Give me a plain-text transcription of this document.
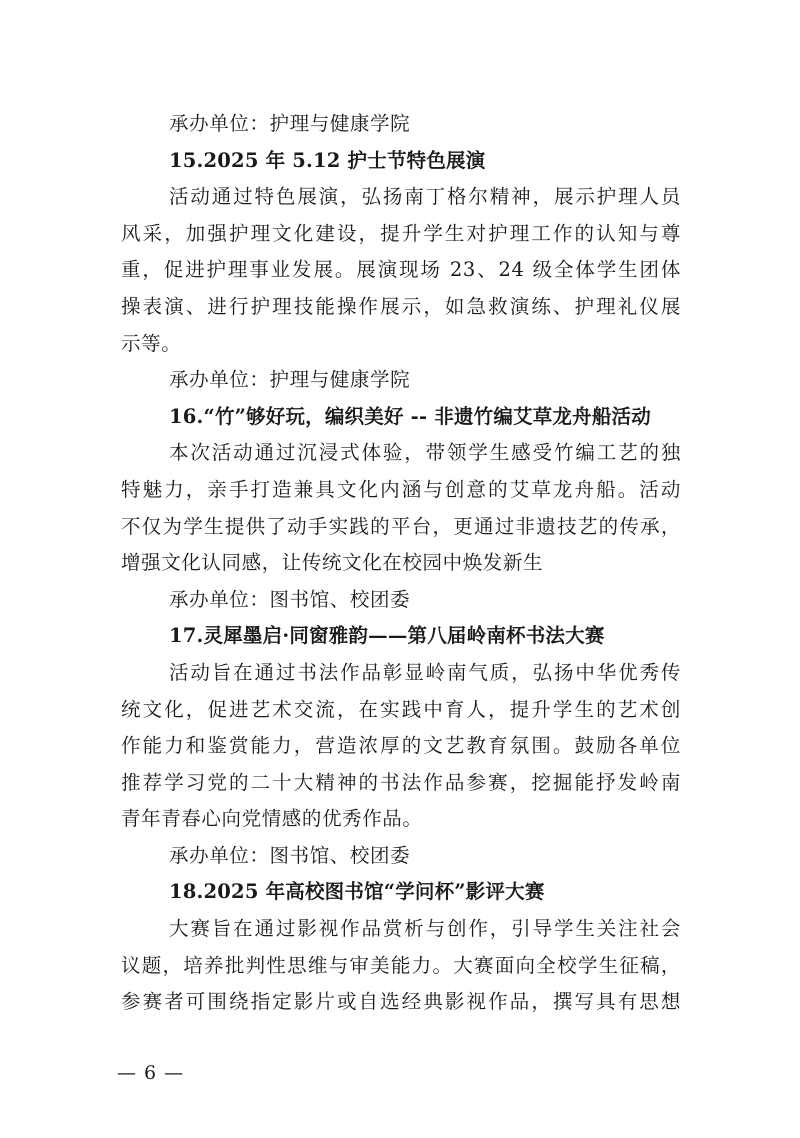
承办单位：护理与健康学院
15.2025 年 5.12 护士节特色展演
活动通过特色展演，弘扬南丁格尔精神，展示护理人员
风采，加强护理文化建设，提升学生对护理工作的认知与尊
重，促进护理事业发展。展演现场 23、24 级全体学生团体
操表演、进行护理技能操作展示，如急救演练、护理礼仪展
示等。
承办单位：护理与健康学院
16.“竹”够好玩，编织美好 -- 非遗竹编艾草龙舟船活动
本次活动通过沉浸式体验，带领学生感受竹编工艺的独
特魅力，亲手打造兼具文化内涵与创意的艾草龙舟船。活动
不仅为学生提供了动手实践的平台，更通过非遗技艺的传承，
增强文化认同感，让传统文化在校园中焕发新生
承办单位：图书馆、校团委
17.灵犀墨启·同窗雅韵——第八届岭南杯书法大赛
活动旨在通过书法作品彰显岭南气质，弘扬中华优秀传
统文化，促进艺术交流，在实践中育人，提升学生的艺术创
作能力和鉴赏能力，营造浓厚的文艺教育氛围。鼓励各单位
推荐学习党的二十大精神的书法作品参赛，挖掘能抒发岭南
青年青春心向党情感的优秀作品。
承办单位：图书馆、校团委
18.2025 年高校图书馆“学问杯”影评大赛
大赛旨在通过影视作品赏析与创作，引导学生关注社会
议题，培养批判性思维与审美能力。大赛面向全校学生征稿，
参赛者可围绕指定影片或自选经典影视作品，撰写具有思想
— 6 —
